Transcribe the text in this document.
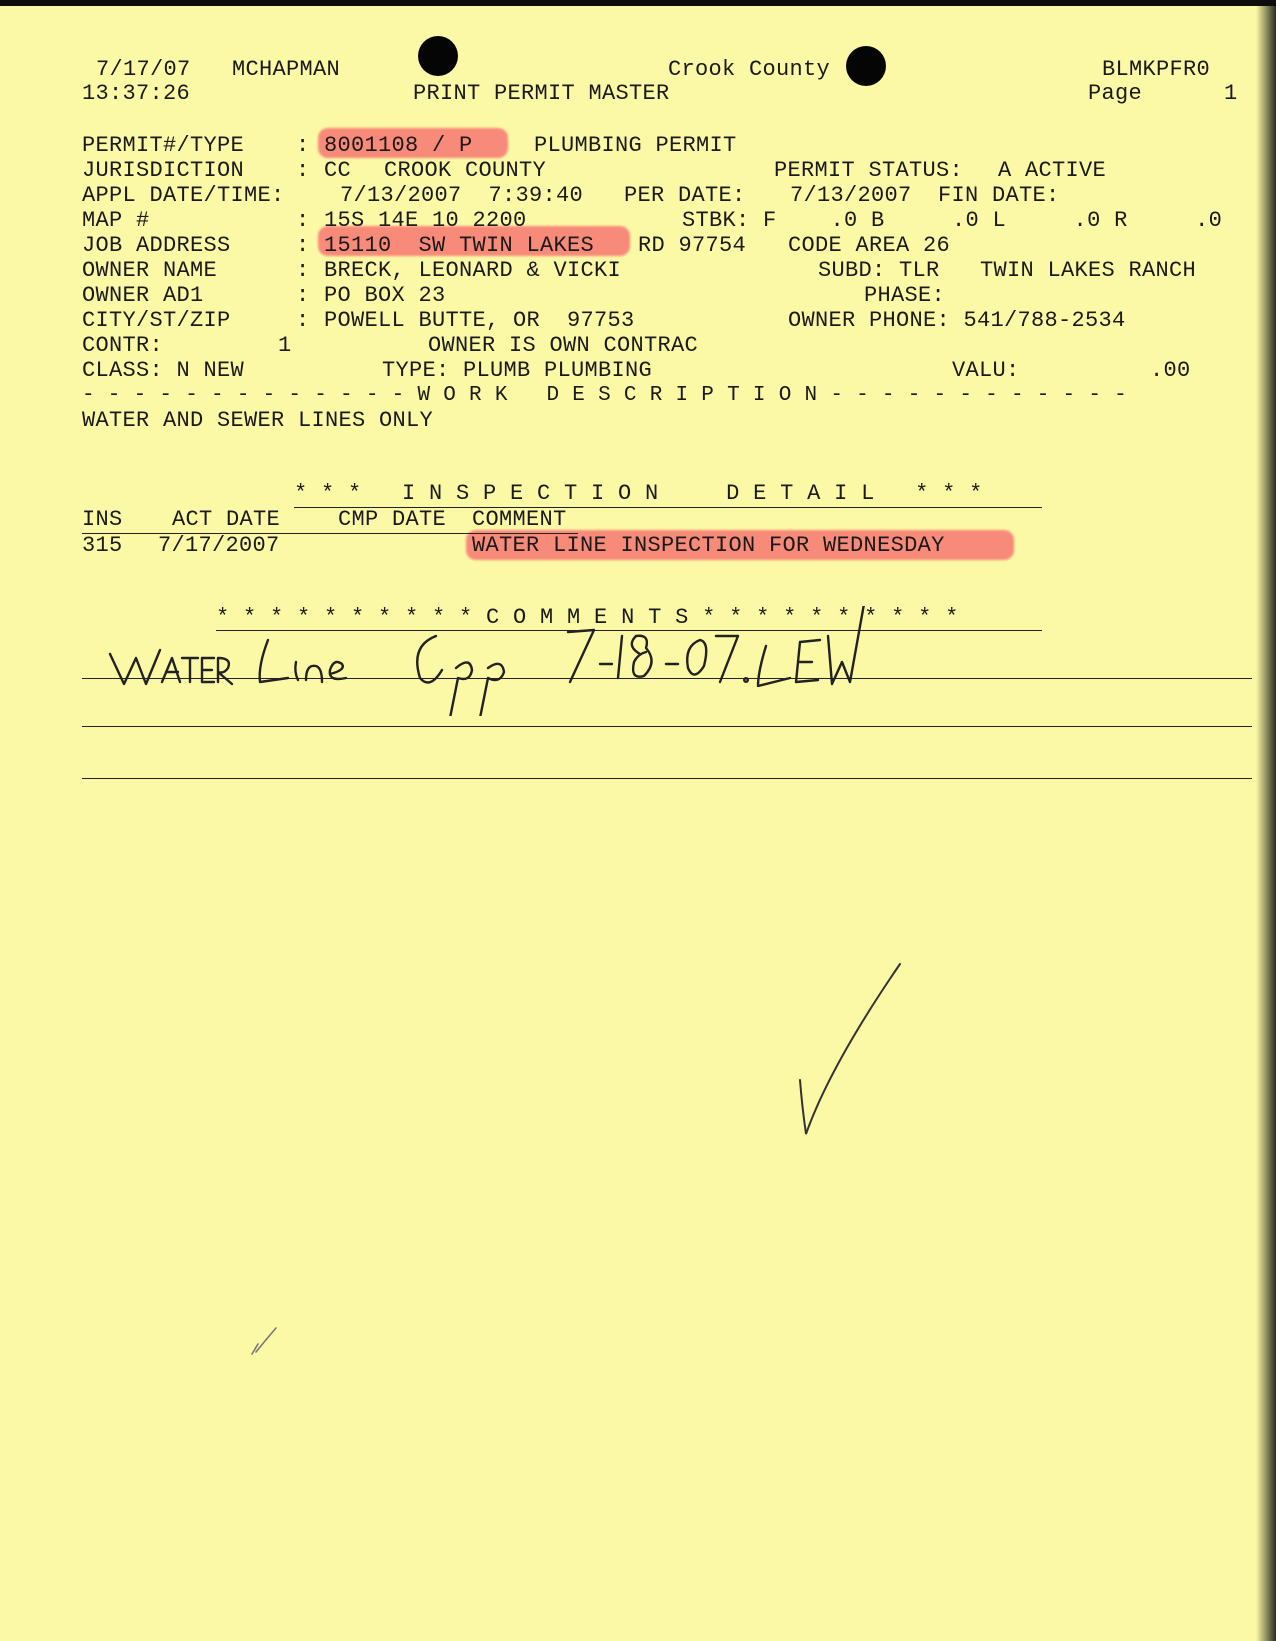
7/17/07 MCHAPMAN
13:37:26
Crook County
PRINT PERMIT MASTER
BLMKPFR0
Page	1
PERMIT#/TYPE : 8001108 / P	PLUMBING PERMIT
JURISDICTION : CC CROOK COUNTY	PERMIT STATUS: A ACTIVE
APPL DATE/TIME:	7/13/2007  7:39:40 PER DATE: 7/13/2007 FIN DATE:
MAP #	: 15S 14E 10 2200	STBK: F    .0 B     .0 L     .0 R     .0
JOB ADDRESS	: 15110  SW TWIN LAKES RD 97754 CODE AREA 26
OWNER NAME	: BRECK, LEONARD & VICKI	SUBD: TLR   TWIN LAKES RANCH
OWNER AD1	: PO BOX 23	PHASE:
CITY/ST/ZIP	: POWELL BUTTE, OR  97753	OWNER PHONE: 541/788-2534
CONTR:	1	OWNER IS OWN CONTRAC
CLASS: N NEW	TYPE: PLUMB PLUMBING	VALU:	.00
- - - - - - - - - - - - - W O R K   D E S C R I P T I O N - - - - - - - - - - - -
WATER AND SEWER LINES ONLY
* * *   I N S P E C T I O N     D E T A I L   * * *
INS ACT DATE	CMP DATE COMMENT
315 7/17/2007	WATER LINE INSPECTION FOR WEDNESDAY
* * * * * * * * * * C O M M E N T S * * * * * * * * * *
